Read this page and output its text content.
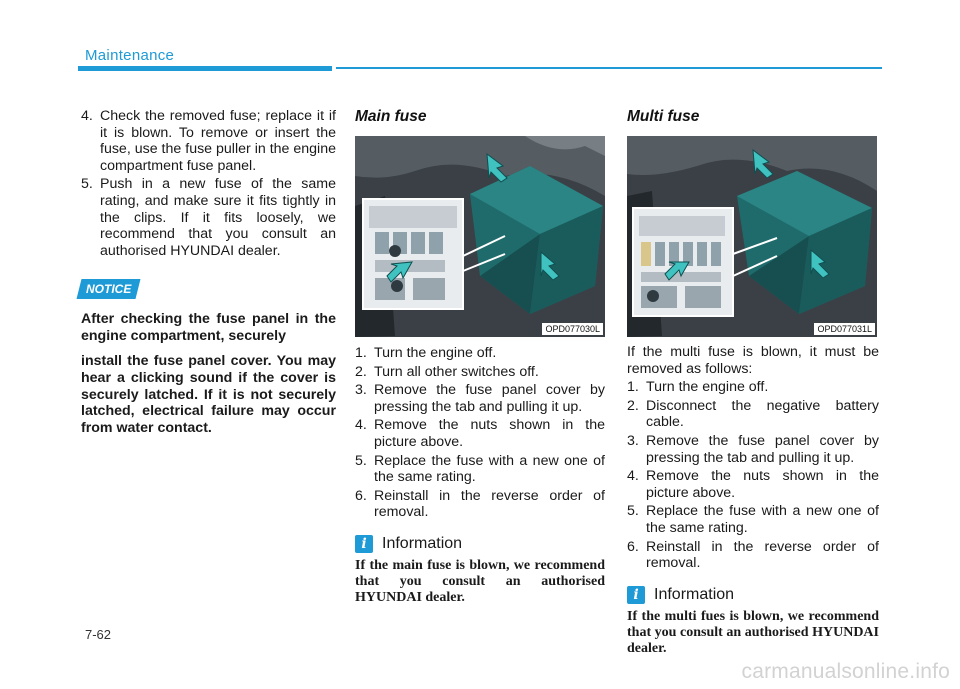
Maintenance
4. Check the removed fuse; replace it if it is blown. To remove or insert the fuse, use the fuse puller in the engine compartment fuse panel.
5. Push in a new fuse of the same rating, and make sure it fits tightly in the clips. If it fits loosely, we recommend that you consult an authorised HYUNDAI dealer.
NOTICE

After checking the fuse panel in the engine compartment, securely

install the fuse panel cover. You may hear a clicking sound if the cover is securely latched. If it is not securely latched, electrical failure may occur from water contact.

Main fuse
OPD077030L
1. Turn the engine off.
2. Turn all other switches off.
3. Remove the fuse panel cover by pressing the tab and pulling it up.
4. Remove the nuts shown in the picture above.
5. Replace the fuse with a new one of the same rating.
6. Reinstall in the reverse order of removal.
i Information

If the main fuse is blown, we recommend that you consult an authorised HYUNDAI dealer.

Multi fuse
OPD077031L

If the multi fuse is blown, it must be removed as follows:

1. Turn the engine off.
2. Disconnect the negative battery cable.
3. Remove the fuse panel cover by pressing the tab and pulling it up.
4. Remove the nuts shown in the picture above.
5. Replace the fuse with a new one of the same rating.
6. Reinstall in the reverse order of removal.
i Information

If the multi fues is blown, we recommend that you consult an authorised HYUNDAI dealer.

7-62
carmanualsonline.info
